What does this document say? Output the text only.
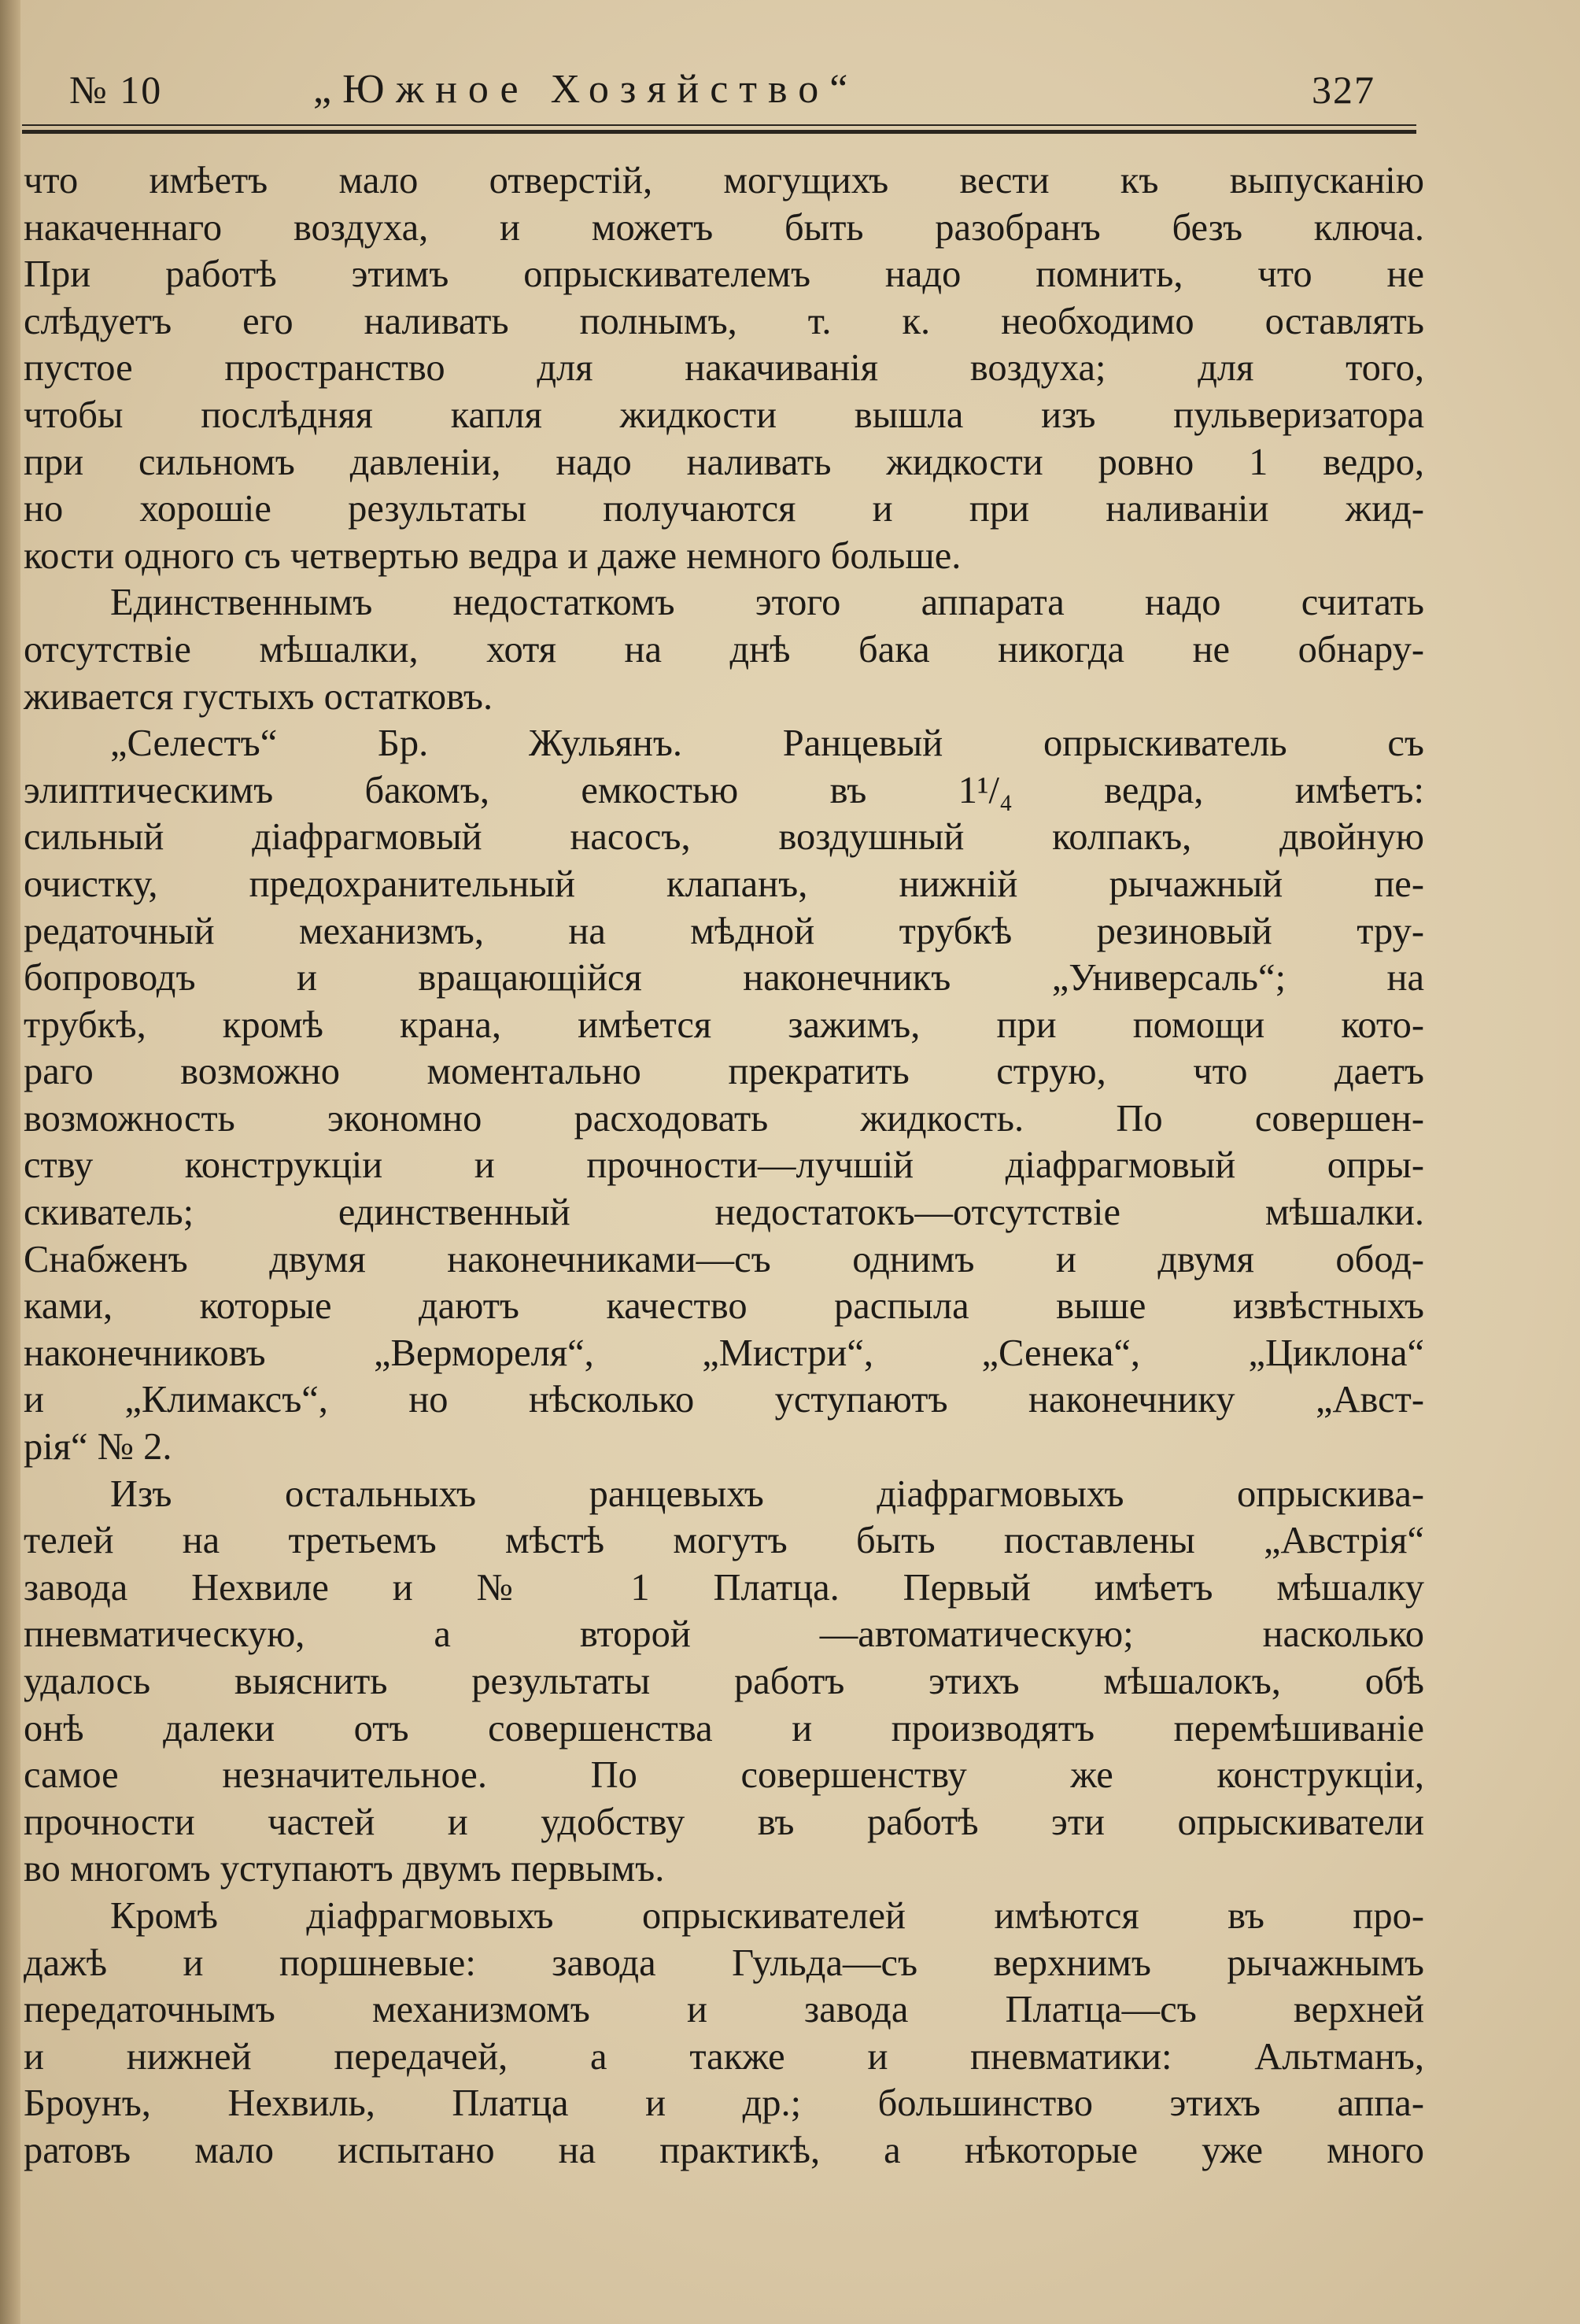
№ 10	„Южное Хозяйство“	327
что имѣетъ мало отверстій, могущихъ вести къ выпусканію
накаченнаго воздуха, и можетъ быть разобранъ безъ ключа.
При работѣ этимъ опрыскивателемъ надо помнить, что не
слѣдуетъ его наливать полнымъ, т. к. необходимо оставлять
пустое пространство для накачиванія воздуха; для того,
чтобы послѣдняя капля жидкости вышла изъ пульверизатора
при сильномъ давленіи, надо наливать жидкости ровно 1 ведро,
но хорошіе результаты получаются и при наливаніи жид-
кости одного съ четвертью ведра и даже немного больше.
Единственнымъ недостаткомъ этого аппарата надо считать
отсутствіе мѣшалки, хотя на днѣ бака никогда не обнару-
живается густыхъ остатковъ.
„Селестъ“ Бр. Жульянъ. Ранцевый опрыскиватель съ
элиптическимъ бакомъ, емкостью въ 1¹/₄ ведра, имѣетъ:
сильный діафрагмовый насосъ, воздушный колпакъ, двойную
очистку, предохранительный клапанъ, нижній рычажный пе-
редаточный механизмъ, на мѣдной трубкѣ резиновый тру-
бопроводъ и вращающійся наконечникъ „Универсаль“; на
трубкѣ, кромѣ крана, имѣется зажимъ, при помощи кото-
раго возможно моментально прекратить струю, что даетъ
возможность экономно расходовать жидкость. По совершен-
ству конструкціи и прочности—лучшій діафрагмовый опры-
скиватель; единственный недостатокъ—отсутствіе мѣшалки.
Снабженъ двумя наконечниками—съ однимъ и двумя обод-
ками, которые даютъ качество распыла выше извѣстныхъ
наконечниковъ „Вермореля“, „Мистри“, „Сенека“, „Циклона“
и „Климаксъ“, но нѣсколько уступаютъ наконечнику „Авст-
рія“ № 2.
Изъ остальныхъ ранцевыхъ діафрагмовыхъ опрыскива-
телей на третьемъ мѣстѣ могутъ быть поставлены „Австрія“
завода Нехвиле и № 1 Платца. Первый имѣетъ мѣшалку
пневматическую, а второй —автоматическую; насколько
удалось выяснить результаты работъ этихъ мѣшалокъ, обѣ
онѣ далеки отъ совершенства и производятъ перемѣшиваніе
самое незначительное. По совершенству же конструкціи,
прочности частей и удобству въ работѣ эти опрыскиватели
во многомъ уступаютъ двумъ первымъ.
Кромѣ діафрагмовыхъ опрыскивателей имѣются въ про-
дажѣ и поршневые: завода Гульда—съ верхнимъ рычажнымъ
передаточнымъ механизмомъ и завода Платца—съ верхней
и нижней передачей, а также и пневматики: Альтманъ,
Броунъ, Нехвиль, Платца и др.; большинство этихъ аппа-
ратовъ мало испытано на практикѣ, а нѣкоторые уже много
